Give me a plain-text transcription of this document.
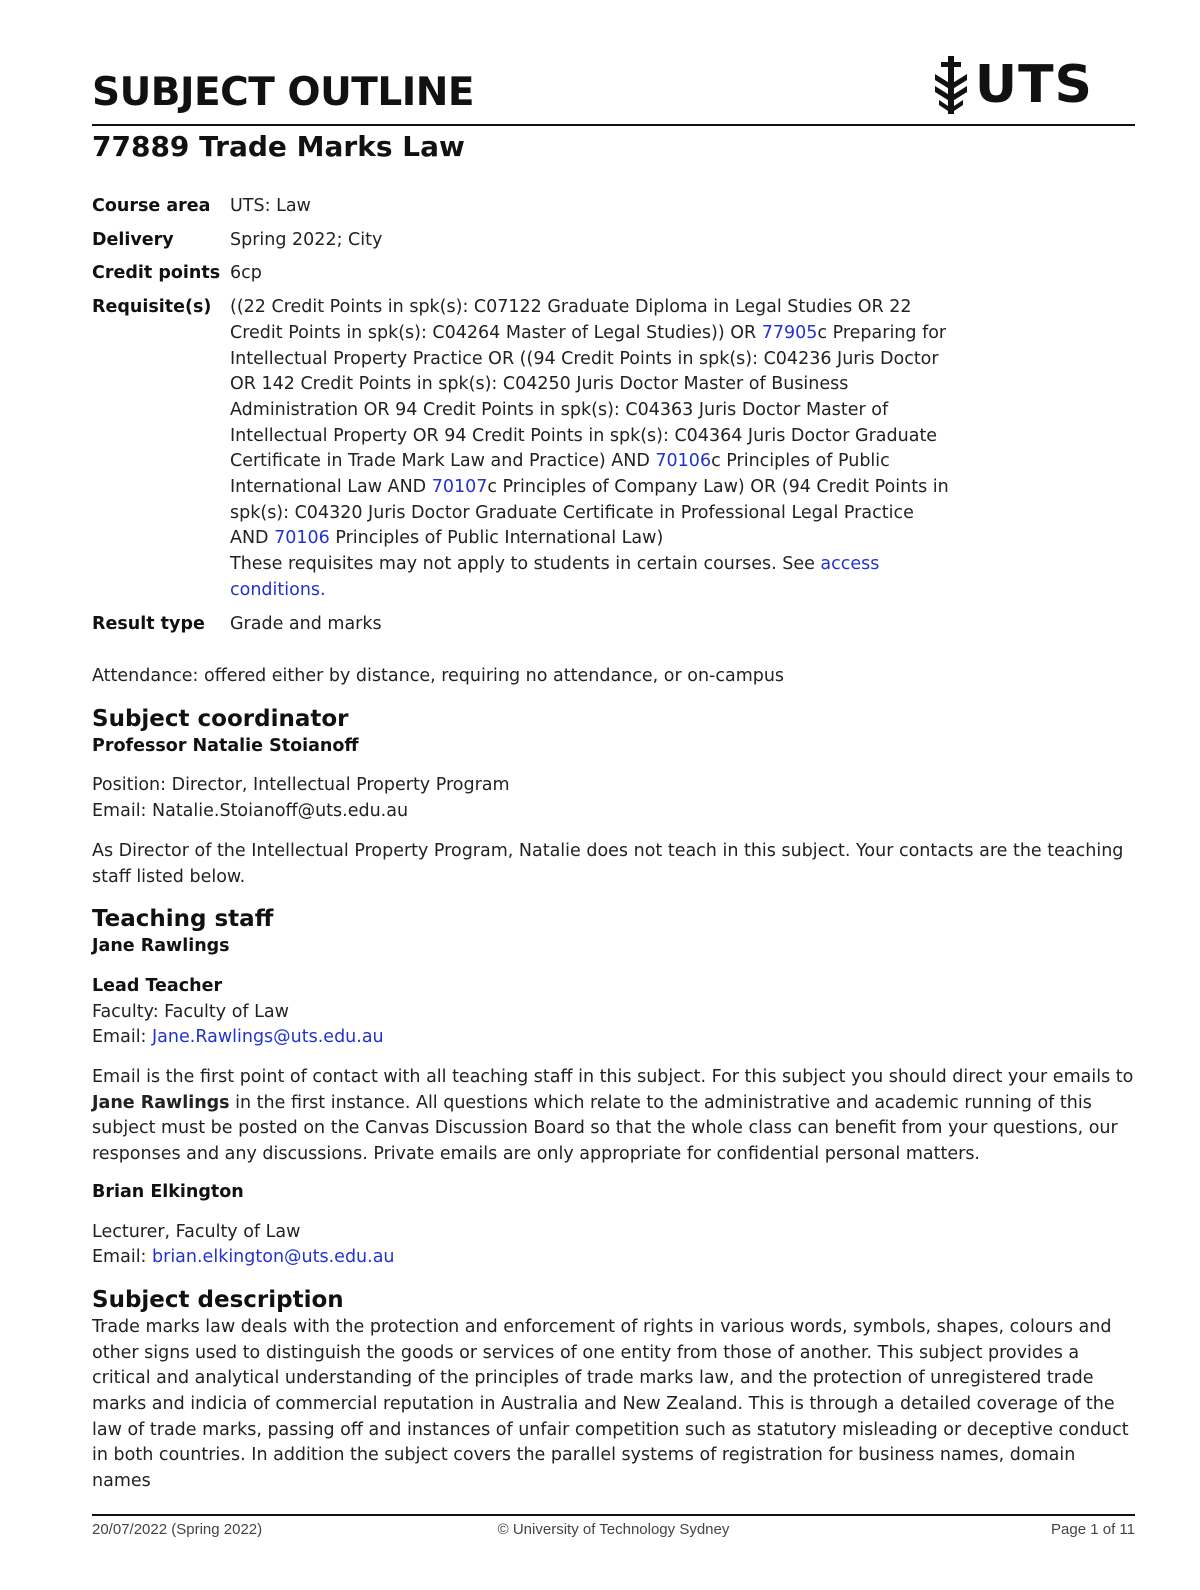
SUBJECT OUTLINE	UTS
77889 Trade Marks Law
Course area	UTS: Law
Delivery	Spring 2022; City
Credit points 6cp
Requisite(s)	((22 Credit Points in spk(s): C07122 Graduate Diploma in Legal Studies OR 22 Credit Points in spk(s): C04264 Master of Legal Studies)) OR 77905c Preparing for Intellectual Property Practice OR ((94 Credit Points in spk(s): C04236 Juris Doctor OR 142 Credit Points in spk(s): C04250 Juris Doctor Master of Business Administration OR 94 Credit Points in spk(s): C04363 Juris Doctor Master of Intellectual Property OR 94 Credit Points in spk(s): C04364 Juris Doctor Graduate Certificate in Trade Mark Law and Practice) AND 70106c Principles of Public International Law AND 70107c Principles of Company Law) OR (94 Credit Points in spk(s): C04320 Juris Doctor Graduate Certificate in Professional Legal Practice AND 70106 Principles of Public International Law)
These requisites may not apply to students in certain courses. See access conditions.
Result type	Grade and marks

Attendance: offered either by distance, requiring no attendance, or on-campus

Subject coordinator

Professor Natalie Stoianoff

Position: Director, Intellectual Property Program

Email: Natalie.Stoianoff@uts.edu.au

As Director of the Intellectual Property Program, Natalie does not teach in this subject. Your contacts are the teaching staff listed below.

Teaching staff

Jane Rawlings

Lead Teacher

Faculty: Faculty of Law

Email: Jane.Rawlings@uts.edu.au

Email is the first point of contact with all teaching staff in this subject. For this subject you should direct your emails to Jane Rawlings in the first instance. All questions which relate to the administrative and academic running of this subject must be posted on the Canvas Discussion Board so that the whole class can benefit from your questions, our responses and any discussions. Private emails are only appropriate for confidential personal matters.

Brian Elkington

Lecturer, Faculty of Law

Email: brian.elkington@uts.edu.au

Subject description

Trade marks law deals with the protection and enforcement of rights in various words, symbols, shapes, colours and other signs used to distinguish the goods or services of one entity from those of another. This subject provides a critical and analytical understanding of the principles of trade marks law, and the protection of unregistered trade marks and indicia of commercial reputation in Australia and New Zealand. This is through a detailed coverage of the law of trade marks, passing off and instances of unfair competition such as statutory misleading or deceptive conduct in both countries. In addition the subject covers the parallel systems of registration for business names, domain names

20/07/2022 (Spring 2022)	© University of Technology Sydney	Page 1 of 11
